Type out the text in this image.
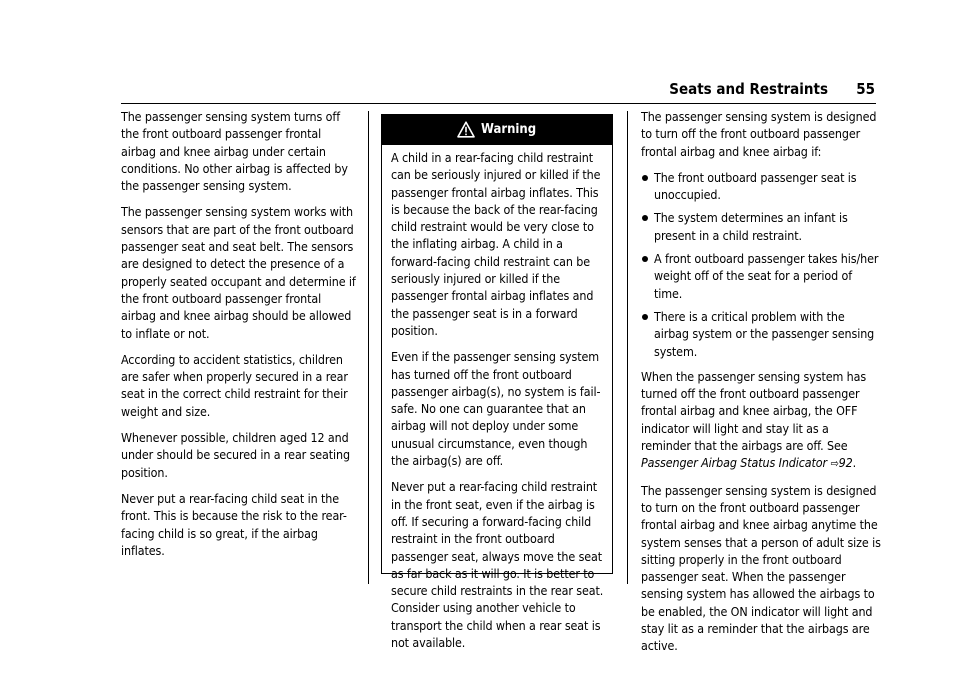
Seats and Restraints 55

The passenger sensing system turns off the front outboard passenger frontal airbag and knee airbag under certain conditions. No other airbag is affected by the passenger sensing system.

The passenger sensing system works with sensors that are part of the front outboard passenger seat and seat belt. The sensors are designed to detect the presence of a properly seated occupant and determine if the front outboard passenger frontal airbag and knee airbag should be allowed to inflate or not.

According to accident statistics, children are safer when properly secured in a rear seat in the correct child restraint for their weight and size.

Whenever possible, children aged 12 and under should be secured in a rear seating position.

Never put a rear-facing child seat in the front. This is because the risk to the rear-facing child is so great, if the airbag inflates.

Warning

A child in a rear-facing child restraint can be seriously injured or killed if the passenger frontal airbag inflates. This is because the back of the rear-facing child restraint would be very close to the inflating airbag. A child in a forward-facing child restraint can be seriously injured or killed if the passenger frontal airbag inflates and the passenger seat is in a forward position.

Even if the passenger sensing system has turned off the front outboard passenger airbag(s), no system is fail-safe. No one can guarantee that an airbag will not deploy under some unusual circumstance, even though the airbag(s) are off.

Never put a rear-facing child restraint in the front seat, even if the airbag is off. If securing a forward-facing child restraint in the front outboard passenger seat, always move the seat as far back as it will go. It is better to secure child restraints in the rear seat. Consider using another vehicle to transport the child when a rear seat is not available.

The passenger sensing system is designed to turn off the front outboard passenger frontal airbag and knee airbag if:

The front outboard passenger seat is unoccupied.
The system determines an infant is present in a child restraint.
A front outboard passenger takes his/her weight off of the seat for a period of time.
There is a critical problem with the airbag system or the passenger sensing system.

When the passenger sensing system has turned off the front outboard passenger frontal airbag and knee airbag, the OFF indicator will light and stay lit as a reminder that the airbags are off. See Passenger Airbag Status Indicator ⇨92.

The passenger sensing system is designed to turn on the front outboard passenger frontal airbag and knee airbag anytime the system senses that a person of adult size is sitting properly in the front outboard passenger seat. When the passenger sensing system has allowed the airbags to be enabled, the ON indicator will light and stay lit as a reminder that the airbags are active.
